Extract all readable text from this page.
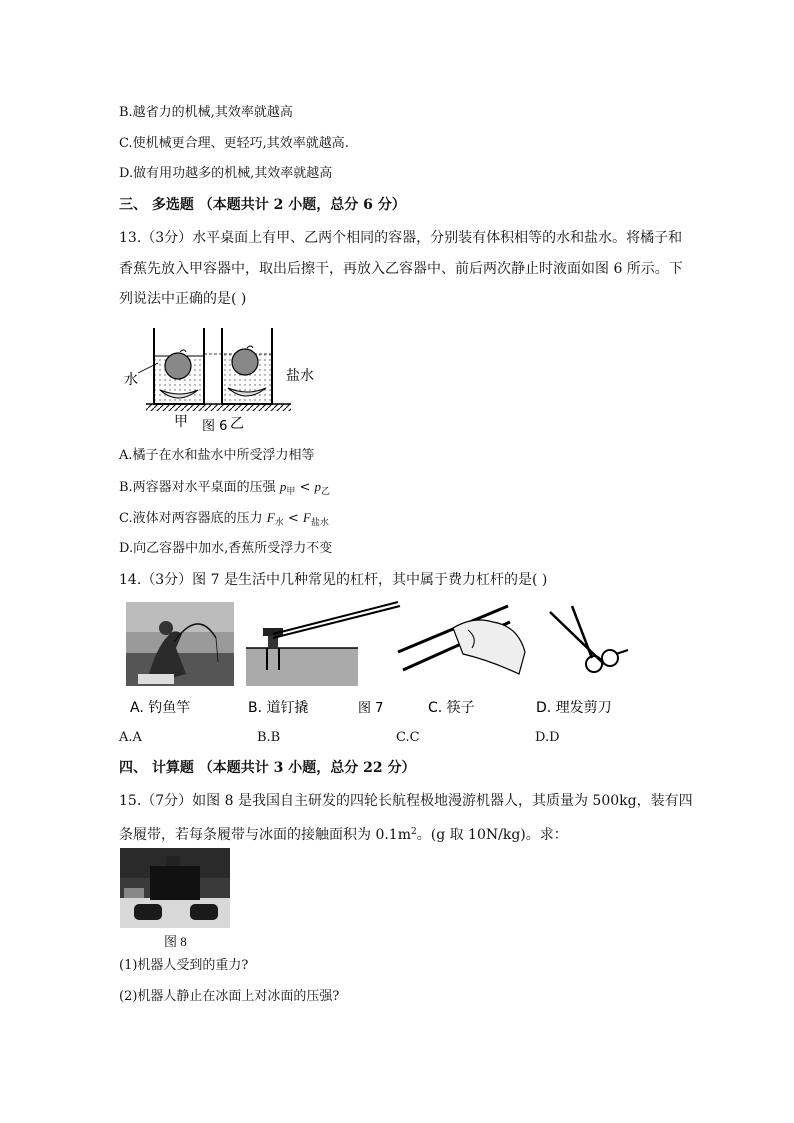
B.越省力的机械,其效率就越高
C.使机械更合理、更轻巧,其效率就越高.
D.做有用功越多的机械,其效率就越高
三、 多选题 （本题共计 2 小题，总分 6 分）
13.（3分）水平桌面上有甲、乙两个相同的容器，分别装有体积相等的水和盐水。将橘子和
香蕉先放入甲容器中，取出后擦干，再放入乙容器中、前后两次静止时液面如图 6 所示。下
列说法中正确的是( )
水	盐水
甲	乙
图 6
A.橘子在水和盐水中所受浮力相等
B.两容器对水平桌面的压强 $p_甲 < p_乙$
C.液体对两容器底的压力 $F_水 < F_{盐水}$
D.向乙容器中加水,香蕉所受浮力不变
14.（3分）图 7 是生活中几种常见的杠杆，其中属于费力杠杆的是( )
A. 钓鱼竿	B. 道钉撬	图 7	C. 筷子	D. 理发剪刀
A.A	B.B	C.C	D.D
四、 计算题 （本题共计 3 小题，总分 22 分）
15.（7分）如图 8 是我国自主研发的四轮长航程极地漫游机器人，其质量为 500kg，装有四
条履带，若每条履带与冰面的接触面积为 $0.1m^2$。(g 取 10N/kg)。求：
图 8
(1)机器人受到的重力?
(2)机器人静止在冰面上对冰面的压强?
